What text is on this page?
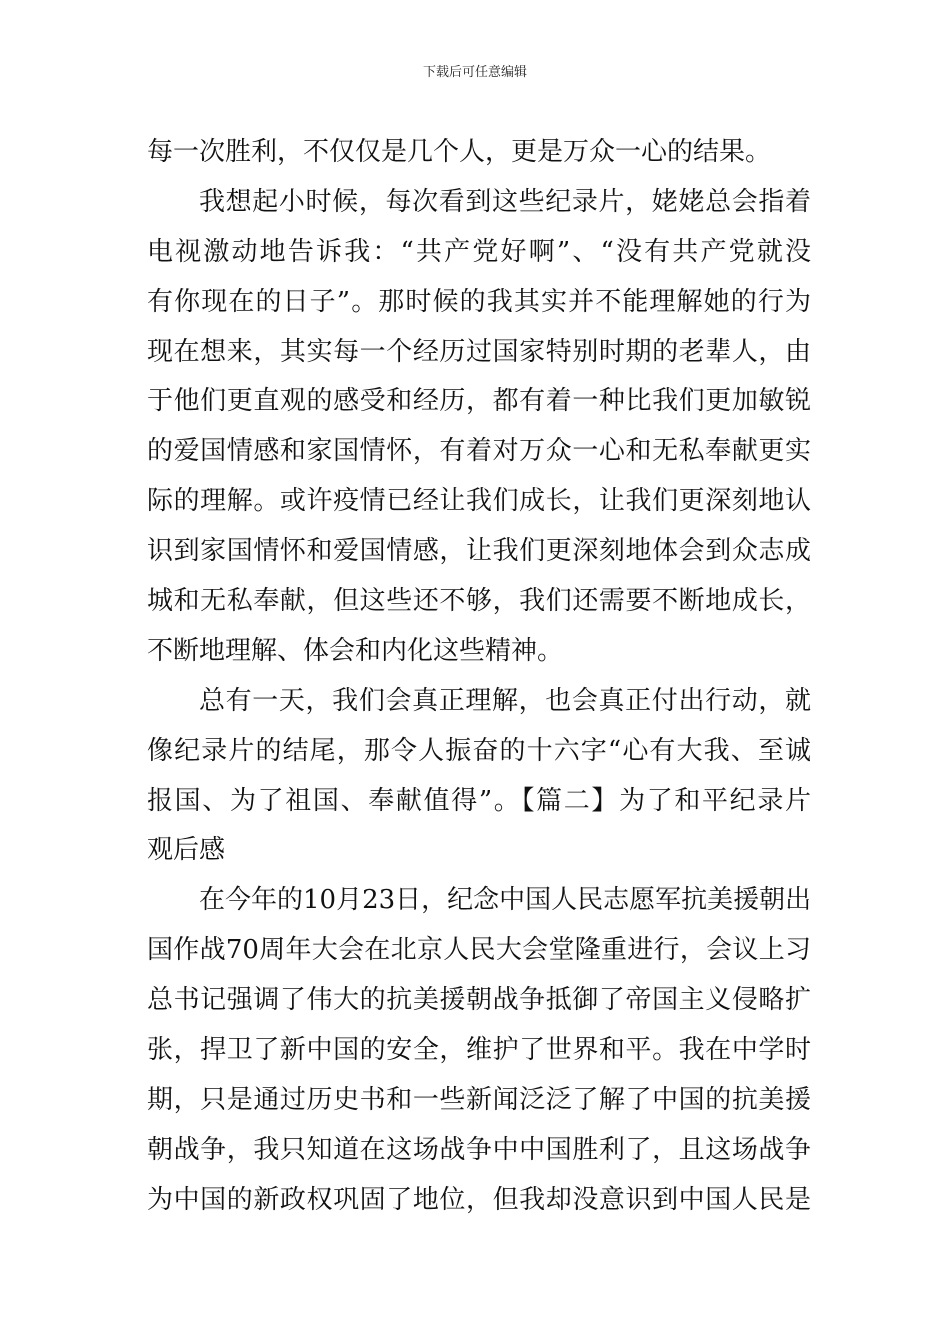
下载后可任意编辑
每一次胜利，不仅仅是几个人，更是万众一心的结果。
我想起小时候，每次看到这些纪录片，姥姥总会指着
电视激动地告诉我：“共产党好啊”、“没有共产党就没
有你现在的日子”。那时候的我其实并不能理解她的行为
现在想来，其实每一个经历过国家特别时期的老辈人，由
于他们更直观的感受和经历，都有着一种比我们更加敏锐
的爱国情感和家国情怀，有着对万众一心和无私奉献更实
际的理解。或许疫情已经让我们成长，让我们更深刻地认
识到家国情怀和爱国情感，让我们更深刻地体会到众志成
城和无私奉献，但这些还不够，我们还需要不断地成长，
不断地理解、体会和内化这些精神。
总有一天，我们会真正理解，也会真正付出行动，就
像纪录片的结尾，那令人振奋的十六字“心有大我、至诚
报国、为了祖国、奉献值得”。【篇二】为了和平纪录片
观后感
在今年的10月23日，纪念中国人民志愿军抗美援朝出
国作战70周年大会在北京人民大会堂隆重进行，会议上习
总书记强调了伟大的抗美援朝战争抵御了帝国主义侵略扩
张，捍卫了新中国的安全，维护了世界和平。我在中学时
期，只是通过历史书和一些新闻泛泛了解了中国的抗美援
朝战争，我只知道在这场战争中中国胜利了，且这场战争
为中国的新政权巩固了地位，但我却没意识到中国人民是
